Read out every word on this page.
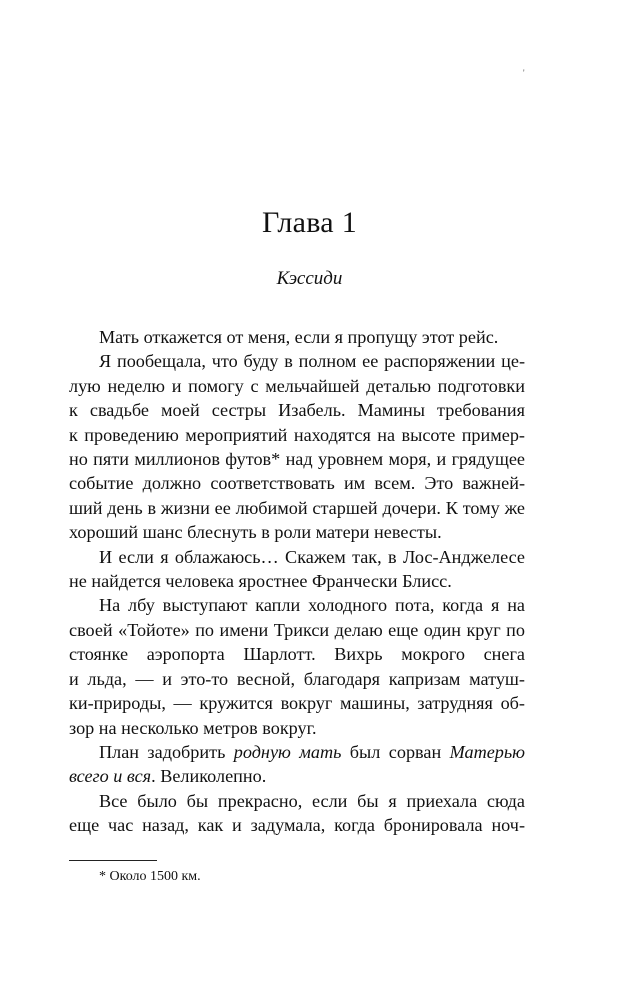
'
Глава 1
Кэссиди
Мать откажется от меня, если я пропущу этот рейс.
Я пообещала, что буду в полном ее распоряжении це-
лую неделю и помогу с мельчайшей деталью подготовки
к свадьбе моей сестры Изабель. Мамины требования
к проведению мероприятий находятся на высоте пример-
но пяти миллионов футов* над уровнем моря, и грядущее
событие должно соответствовать им всем. Это важней-
ший день в жизни ее любимой старшей дочери. К тому же
хороший шанс блеснуть в роли матери невесты.
И если я облажаюсь… Скажем так, в Лос-Анджелесе
не найдется человека яростнее Франчески Блисс.
На лбу выступают капли холодного пота, когда я на
своей «Тойоте» по имени Трикси делаю еще один круг по
стоянке аэропорта Шарлотт. Вихрь мокрого снега
и льда, — и это-то весной, благодаря капризам матуш-
ки-природы, — кружится вокруг машины, затрудняя об-
зор на несколько метров вокруг.
План задобрить родную мать был сорван Матерью
всего и вся. Великолепно.
Все было бы прекрасно, если бы я приехала сюда
еще час назад, как и задумала, когда бронировала ноч-
* Около 1500 км.
